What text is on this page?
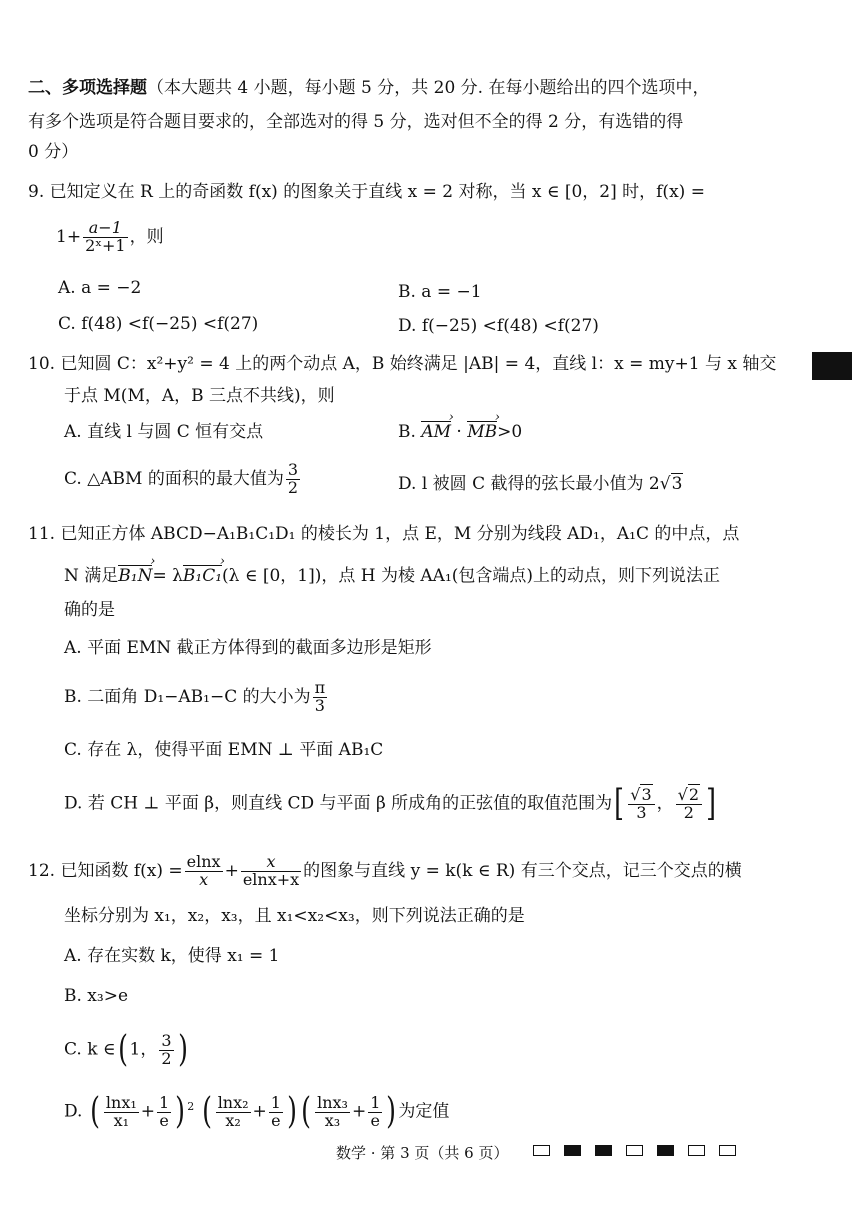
二、多项选择题（本大题共 4 小题，每小题 5 分，共 20 分. 在每小题给出的四个选项中，
有多个选项是符合题目要求的，全部选对的得 5 分，选对但不全的得 2 分，有选错的得
0 分）
9. 已知定义在 R 上的奇函数 f(x) 的图象关于直线 x = 2 对称，当 x ∈ [0，2] 时，f(x) =
$1+ \frac{a-1}{\text{2ˣ+1}}$ ，则
A. a = −2	B. a = −1
C. f(48) <f(−25) <f(27)	D. f(−25) <f(48) <f(27)
10. 已知圆 C：x²+y² = 4 上的两个动点 A，B 始终满足 |AB| = 4，直线 l：x = my+1 与 x 轴交
于点 M(M，A，B 三点不共线)，则
A. 直线 l 与圆 C 恒有交点	B. AM › · MB ›>0
C. △ABM 的面积的最大值为 $\frac{3}{2}$	D. l 被圆 C 截得的弦长最小值为 2√3
11. 已知正方体 ABCD−A₁B₁C₁D₁ 的棱长为 1，点 E，M 分别为线段 AD₁，A₁C 的中点，点
N 满足B₁N ›= λB₁C₁ ›(λ ∈ [0，1])，点 H 为棱 AA₁(包含端点)上的动点，则下列说法正
确的是
A. 平面 EMN 截正方体得到的截面多边形是矩形
B. 二面角 D₁−AB₁−C 的大小为 $\frac{\pi}{3}$
C. 存在 λ，使得平面 EMN ⊥ 平面 AB₁C
D. 若 CH ⊥ 平面 β，则直线 CD 与平面 β 所成角的正弦值的取值范围为[ $\frac{√3}{3}$ ， $\frac{√2}{2}$ ]
12. 已知函数 $f(x) = \frac{elnx}{x} + \frac{x}{elnx+x}$ 的图象与直线 y = k(k ∈ R) 有三个交点，记三个交点的横
坐标分别为 x₁，x₂，x₃，且 x₁<x₂<x₃，则下列说法正确的是
A. 存在实数 k，使得 x₁ = 1
B. x₃>e
C. k ∈( 1， $\frac{3}{2}$ )
D. ( $\frac{\text{lnx₁}}{\text{x₁}} + \frac{1}{e}$ ) $^2$ ( $\frac{\text{lnx₂}}{\text{x₂}} + \frac{1}{e}$ ) ( $\frac{\text{lnx₃}}{\text{x₃}} + \frac{1}{e}$ ) 为定值
数学 · 第 3 页（共 6 页）
